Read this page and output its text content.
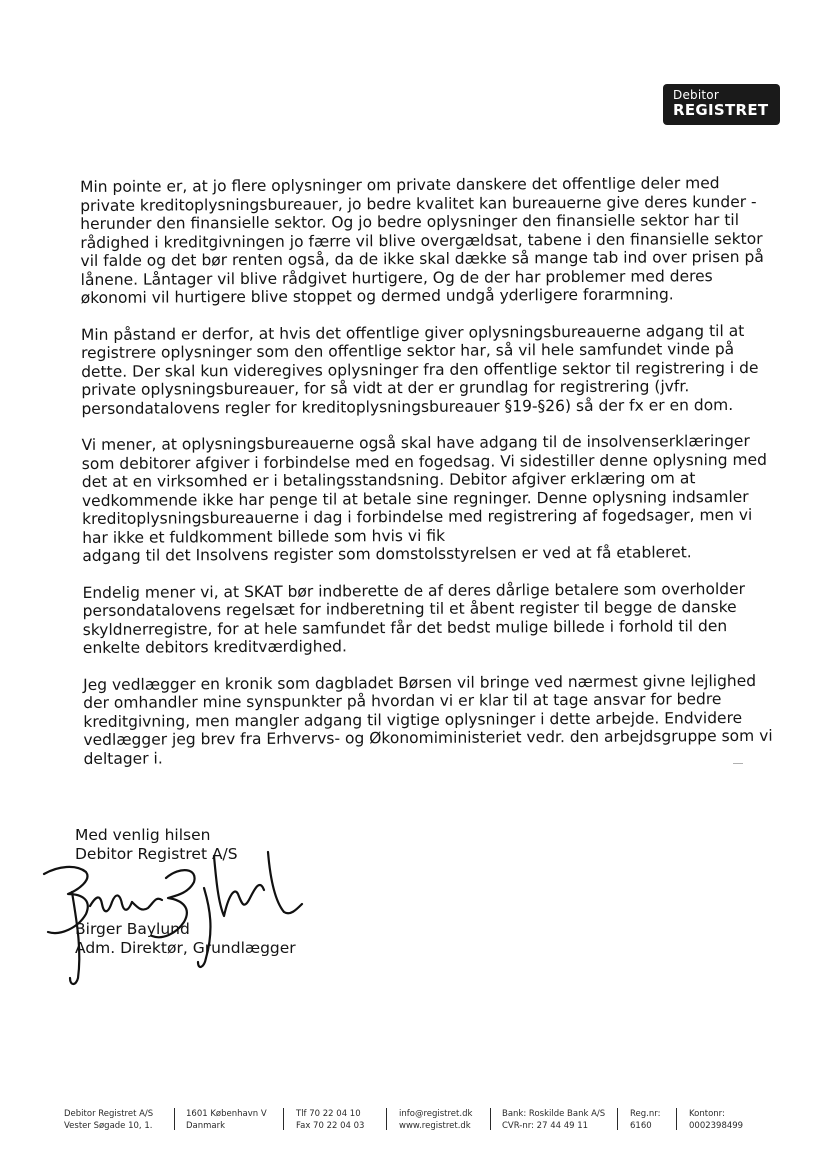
Debitor
REGISTRET

Min pointe er, at jo flere oplysninger om private danskere det offentlige deler med
private kreditoplysningsbureauer, jo bedre kvalitet kan bureauerne give deres kunder -
herunder den finansielle sektor. Og jo bedre oplysninger den finansielle sektor har til
rådighed i kreditgivningen jo færre vil blive overgældsat, tabene i den finansielle sektor
vil falde og det bør renten også, da de ikke skal dække så mange tab ind over prisen på
lånene. Låntager vil blive rådgivet hurtigere, Og de der har problemer med deres
økonomi vil hurtigere blive stoppet og dermed undgå yderligere forarmning.

Min påstand er derfor, at hvis det offentlige giver oplysningsbureauerne adgang til at
registrere oplysninger som den offentlige sektor har, så vil hele samfundet vinde på
dette. Der skal kun videregives oplysninger fra den offentlige sektor til registrering i de
private oplysningsbureauer, for så vidt at der er grundlag for registrering (jvfr.
persondatalovens regler for kreditoplysningsbureauer §19-§26) så der fx er en dom.

Vi mener, at oplysningsbureauerne også skal have adgang til de insolvenserklæringer
som debitorer afgiver i forbindelse med en fogedsag. Vi sidestiller denne oplysning med
det at en virksomhed er i betalingsstandsning. Debitor afgiver erklæring om at
vedkommende ikke har penge til at betale sine regninger. Denne oplysning indsamler
kreditoplysningsbureauerne i dag i forbindelse med registrering af fogedsager, men vi
har ikke et fuldkomment billede som hvis vi fik
adgang til det Insolvens register som domstolsstyrelsen er ved at få etableret.

Endelig mener vi, at SKAT bør indberette de af deres dårlige betalere som overholder
persondatalovens regelsæt for indberetning til et åbent register til begge de danske
skyldnerregistre, for at hele samfundet får det bedst mulige billede i forhold til den
enkelte debitors kreditværdighed.

Jeg vedlægger en kronik som dagbladet Børsen vil bringe ved nærmest givne lejlighed
der omhandler mine synspunkter på hvordan vi er klar til at tage ansvar for bedre
kreditgivning, men mangler adgang til vigtige oplysninger i dette arbejde. Endvidere
vedlægger jeg brev fra Erhvervs- og Økonomiministeriet vedr. den arbejdsgruppe som vi
deltager i.

Med venlig hilsen
Debitor Registret A/S
Birger Baylund
Adm. Direktør, Grundlægger
Debitor Registret A/S
Vester Søgade 10, 1.
1601 København V
Danmark
Tlf 70 22 04 10
Fax 70 22 04 03
info@registret.dk
www.registret.dk
Bank: Roskilde Bank A/S
CVR-nr: 27 44 49 11
Reg.nr:
6160
Kontonr:
0002398499
